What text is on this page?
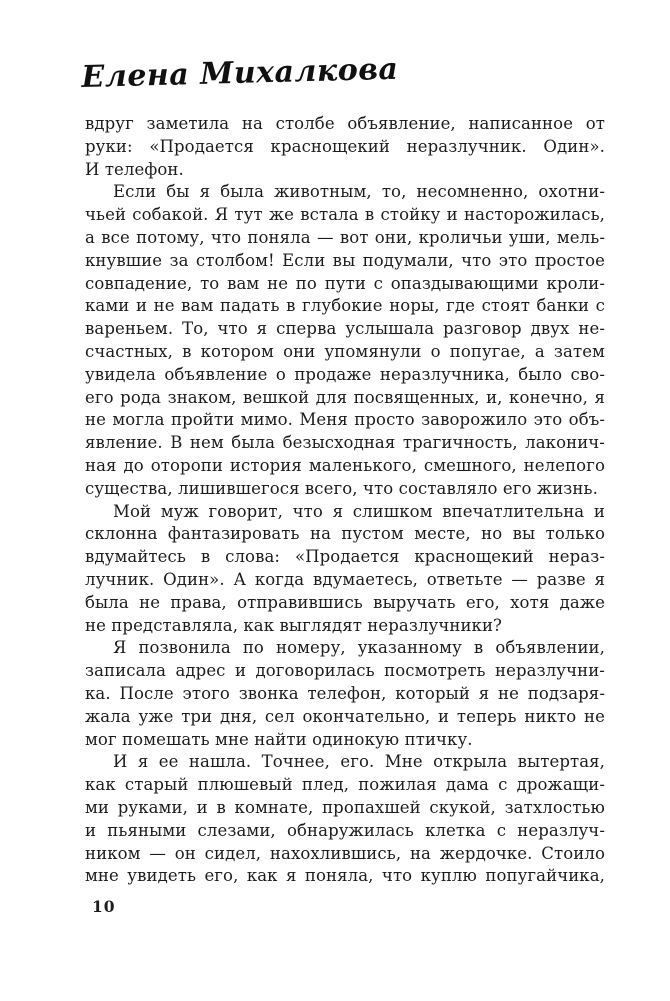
Елена Михалкова
вдруг заметила на столбе объявление, написанное от
руки: «Продается краснощекий неразлучник. Один».
И телефон.
Если бы я была животным, то, несомненно, охотни-
чьей собакой. Я тут же встала в стойку и насторожилась,
а все потому, что поняла — вот они, кроличьи уши, мель-
кнувшие за столбом! Если вы подумали, что это простое
совпадение, то вам не по пути с опаздывающими кроли-
ками и не вам падать в глубокие норы, где стоят банки с
вареньем. То, что я сперва услышала разговор двух не-
счастных, в котором они упомянули о попугае, а затем
увидела объявление о продаже неразлучника, было сво-
его рода знаком, вешкой для посвященных, и, конечно, я
не могла пройти мимо. Меня просто заворожило это объ-
явление. В нем была безысходная трагичность, лаконич-
ная до оторопи история маленького, смешного, нелепого
существа, лишившегося всего, что составляло его жизнь.
Мой муж говорит, что я слишком впечатлительна и
склонна фантазировать на пустом месте, но вы только
вдумайтесь в слова: «Продается краснощекий нераз-
лучник. Один». А когда вдумаетесь, ответьте — разве я
была не права, отправившись выручать его, хотя даже
не представляла, как выглядят неразлучники?
Я позвонила по номеру, указанному в объявлении,
записала адрес и договорилась посмотреть неразлучни-
ка. После этого звонка телефон, который я не подзаря-
жала уже три дня, сел окончательно, и теперь никто не
мог помешать мне найти одинокую птичку.
И я ее нашла. Точнее, его. Мне открыла вытертая,
как старый плюшевый плед, пожилая дама с дрожащи-
ми руками, и в комнате, пропахшей скукой, затхлостью
и пьяными слезами, обнаружилась клетка с неразлуч-
ником — он сидел, нахохлившись, на жердочке. Стоило
мне увидеть его, как я поняла, что куплю попугайчика,
10
